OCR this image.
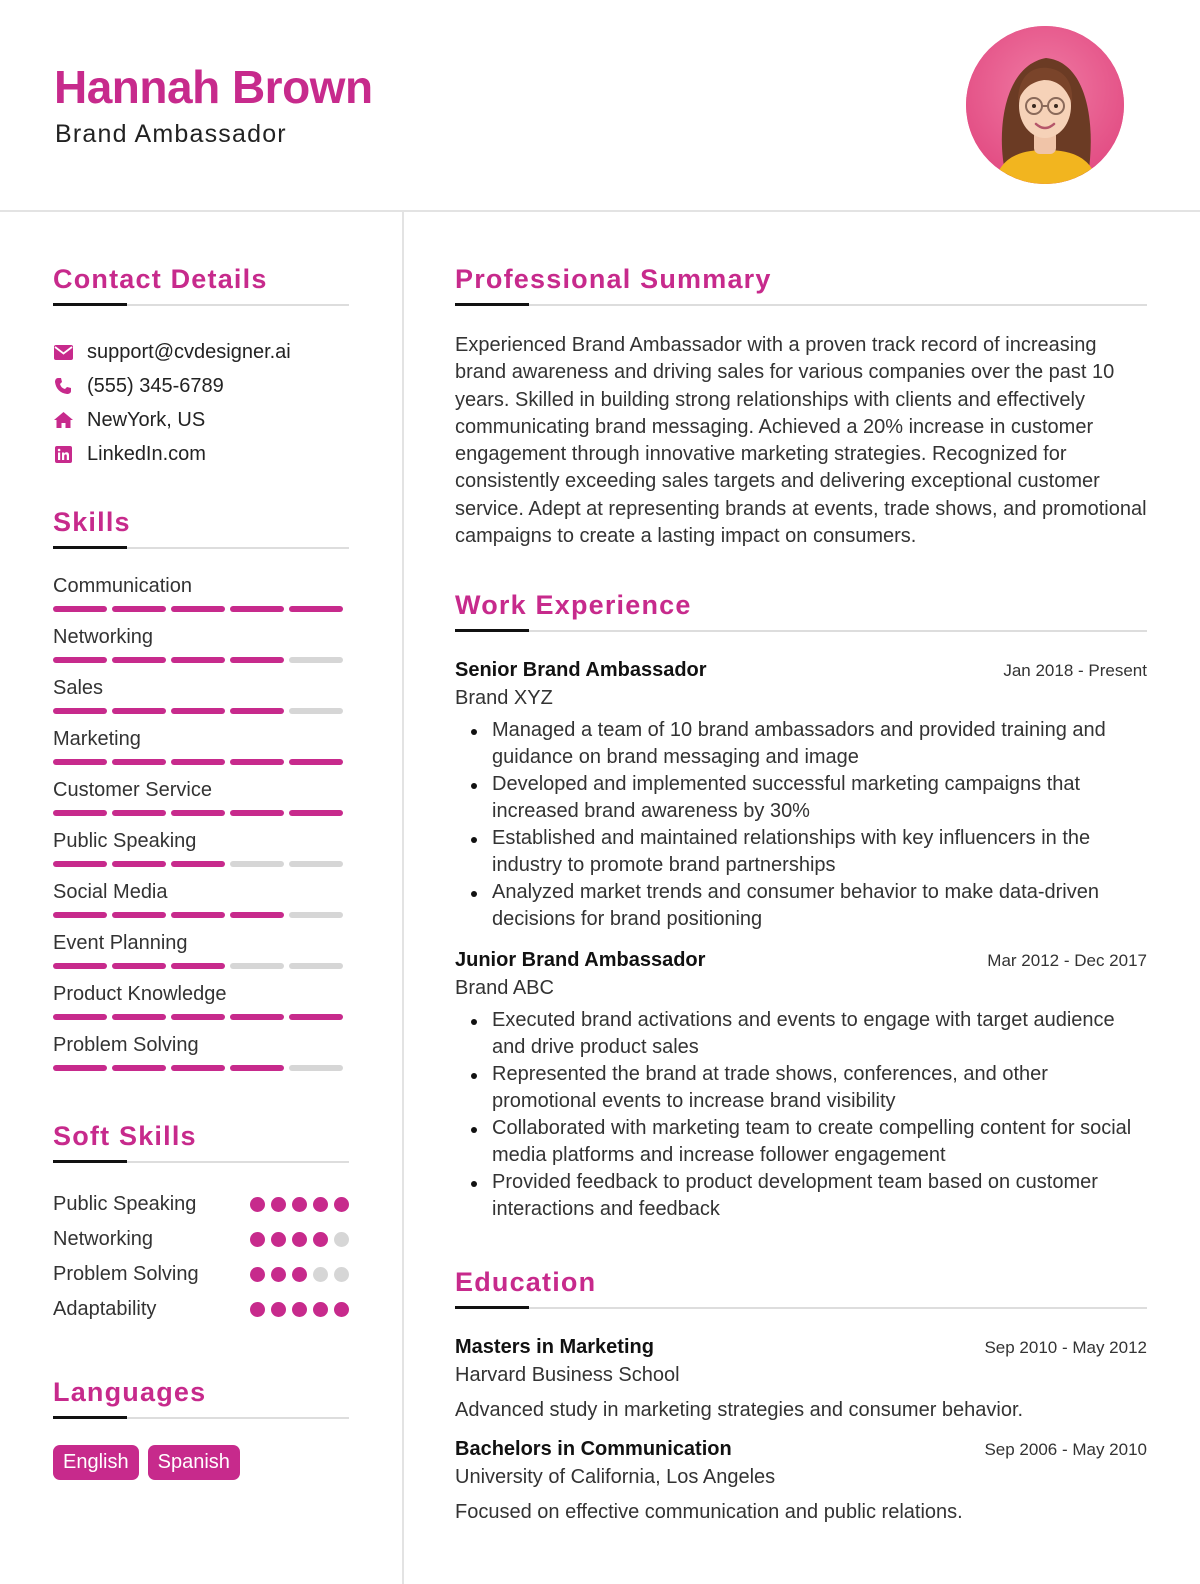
Hannah Brown
Brand Ambassador
Contact Details
support@cvdesigner.ai
(555) 345-6789
NewYork, US
LinkedIn.com
Skills
Communication
Networking
Sales
Marketing
Customer Service
Public Speaking
Social Media
Event Planning
Product Knowledge
Problem Solving
Soft Skills
Public Speaking
Networking
Problem Solving
Adaptability
Languages
English	Spanish
Professional Summary

Experienced Brand Ambassador with a proven track record of increasing brand awareness and driving sales for various companies over the past 10 years. Skilled in building strong relationships with clients and effectively communicating brand messaging. Achieved a 20% increase in customer engagement through innovative marketing strategies. Recognized for consistently exceeding sales targets and delivering exceptional customer service. Adept at representing brands at events, trade shows, and promotional campaigns to create a lasting impact on consumers.

Work Experience
Senior Brand Ambassador	Jan 2018 - Present
Brand XYZ
Managed a team of 10 brand ambassadors and provided training and guidance on brand messaging and image
Developed and implemented successful marketing campaigns that increased brand awareness by 30%
Established and maintained relationships with key influencers in the industry to promote brand partnerships
Analyzed market trends and consumer behavior to make data-driven decisions for brand positioning
Junior Brand Ambassador	Mar 2012 - Dec 2017
Brand ABC
Executed brand activations and events to engage with target audience and drive product sales
Represented the brand at trade shows, conferences, and other promotional events to increase brand visibility
Collaborated with marketing team to create compelling content for social media platforms and increase follower engagement
Provided feedback to product development team based on customer interactions and feedback
Education
Masters in Marketing	Sep 2010 - May 2012
Harvard Business School
Advanced study in marketing strategies and consumer behavior.
Bachelors in Communication	Sep 2006 - May 2010
University of California, Los Angeles
Focused on effective communication and public relations.
